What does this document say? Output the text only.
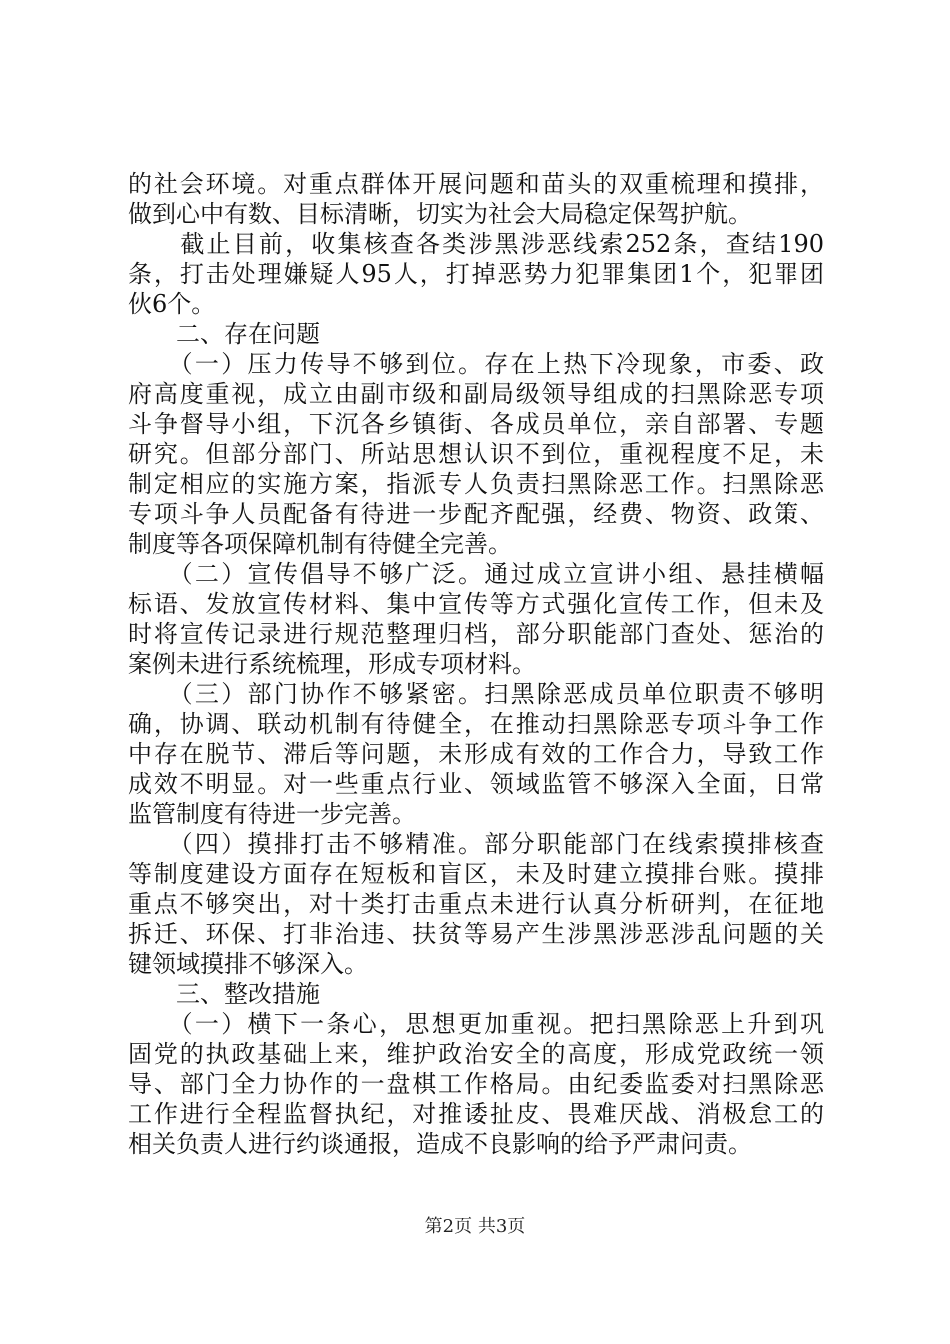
的社会环境。对重点群体开展问题和苗头的双重梳理和摸排，
做到心中有数、目标清晰，切实为社会大局稳定保驾护航。
　　截止目前，收集核查各类涉黑涉恶线索252条，查结190
条，打击处理嫌疑人95人，打掉恶势力犯罪集团1个，犯罪团
伙6个。
　　二、存在问题
　　（一）压力传导不够到位。存在上热下冷现象，市委、政
府高度重视，成立由副市级和副局级领导组成的扫黑除恶专项
斗争督导小组，下沉各乡镇街、各成员单位，亲自部署、专题
研究。但部分部门、所站思想认识不到位，重视程度不足，未
制定相应的实施方案，指派专人负责扫黑除恶工作。扫黑除恶
专项斗争人员配备有待进一步配齐配强，经费、物资、政策、
制度等各项保障机制有待健全完善。
　　（二）宣传倡导不够广泛。通过成立宣讲小组、悬挂横幅
标语、发放宣传材料、集中宣传等方式强化宣传工作，但未及
时将宣传记录进行规范整理归档，部分职能部门查处、惩治的
案例未进行系统梳理，形成专项材料。
　　（三）部门协作不够紧密。扫黑除恶成员单位职责不够明
确，协调、联动机制有待健全，在推动扫黑除恶专项斗争工作
中存在脱节、滞后等问题，未形成有效的工作合力，导致工作
成效不明显。对一些重点行业、领域监管不够深入全面，日常
监管制度有待进一步完善。
　　（四）摸排打击不够精准。部分职能部门在线索摸排核查
等制度建设方面存在短板和盲区，未及时建立摸排台账。摸排
重点不够突出，对十类打击重点未进行认真分析研判，在征地
拆迁、环保、打非治违、扶贫等易产生涉黑涉恶涉乱问题的关
键领域摸排不够深入。
　　三、整改措施
　　（一）横下一条心，思想更加重视。把扫黑除恶上升到巩
固党的执政基础上来，维护政治安全的高度，形成党政统一领
导、部门全力协作的一盘棋工作格局。由纪委监委对扫黑除恶
工作进行全程监督执纪，对推诿扯皮、畏难厌战、消极怠工的
相关负责人进行约谈通报，造成不良影响的给予严肃问责。
第2页 共3页
